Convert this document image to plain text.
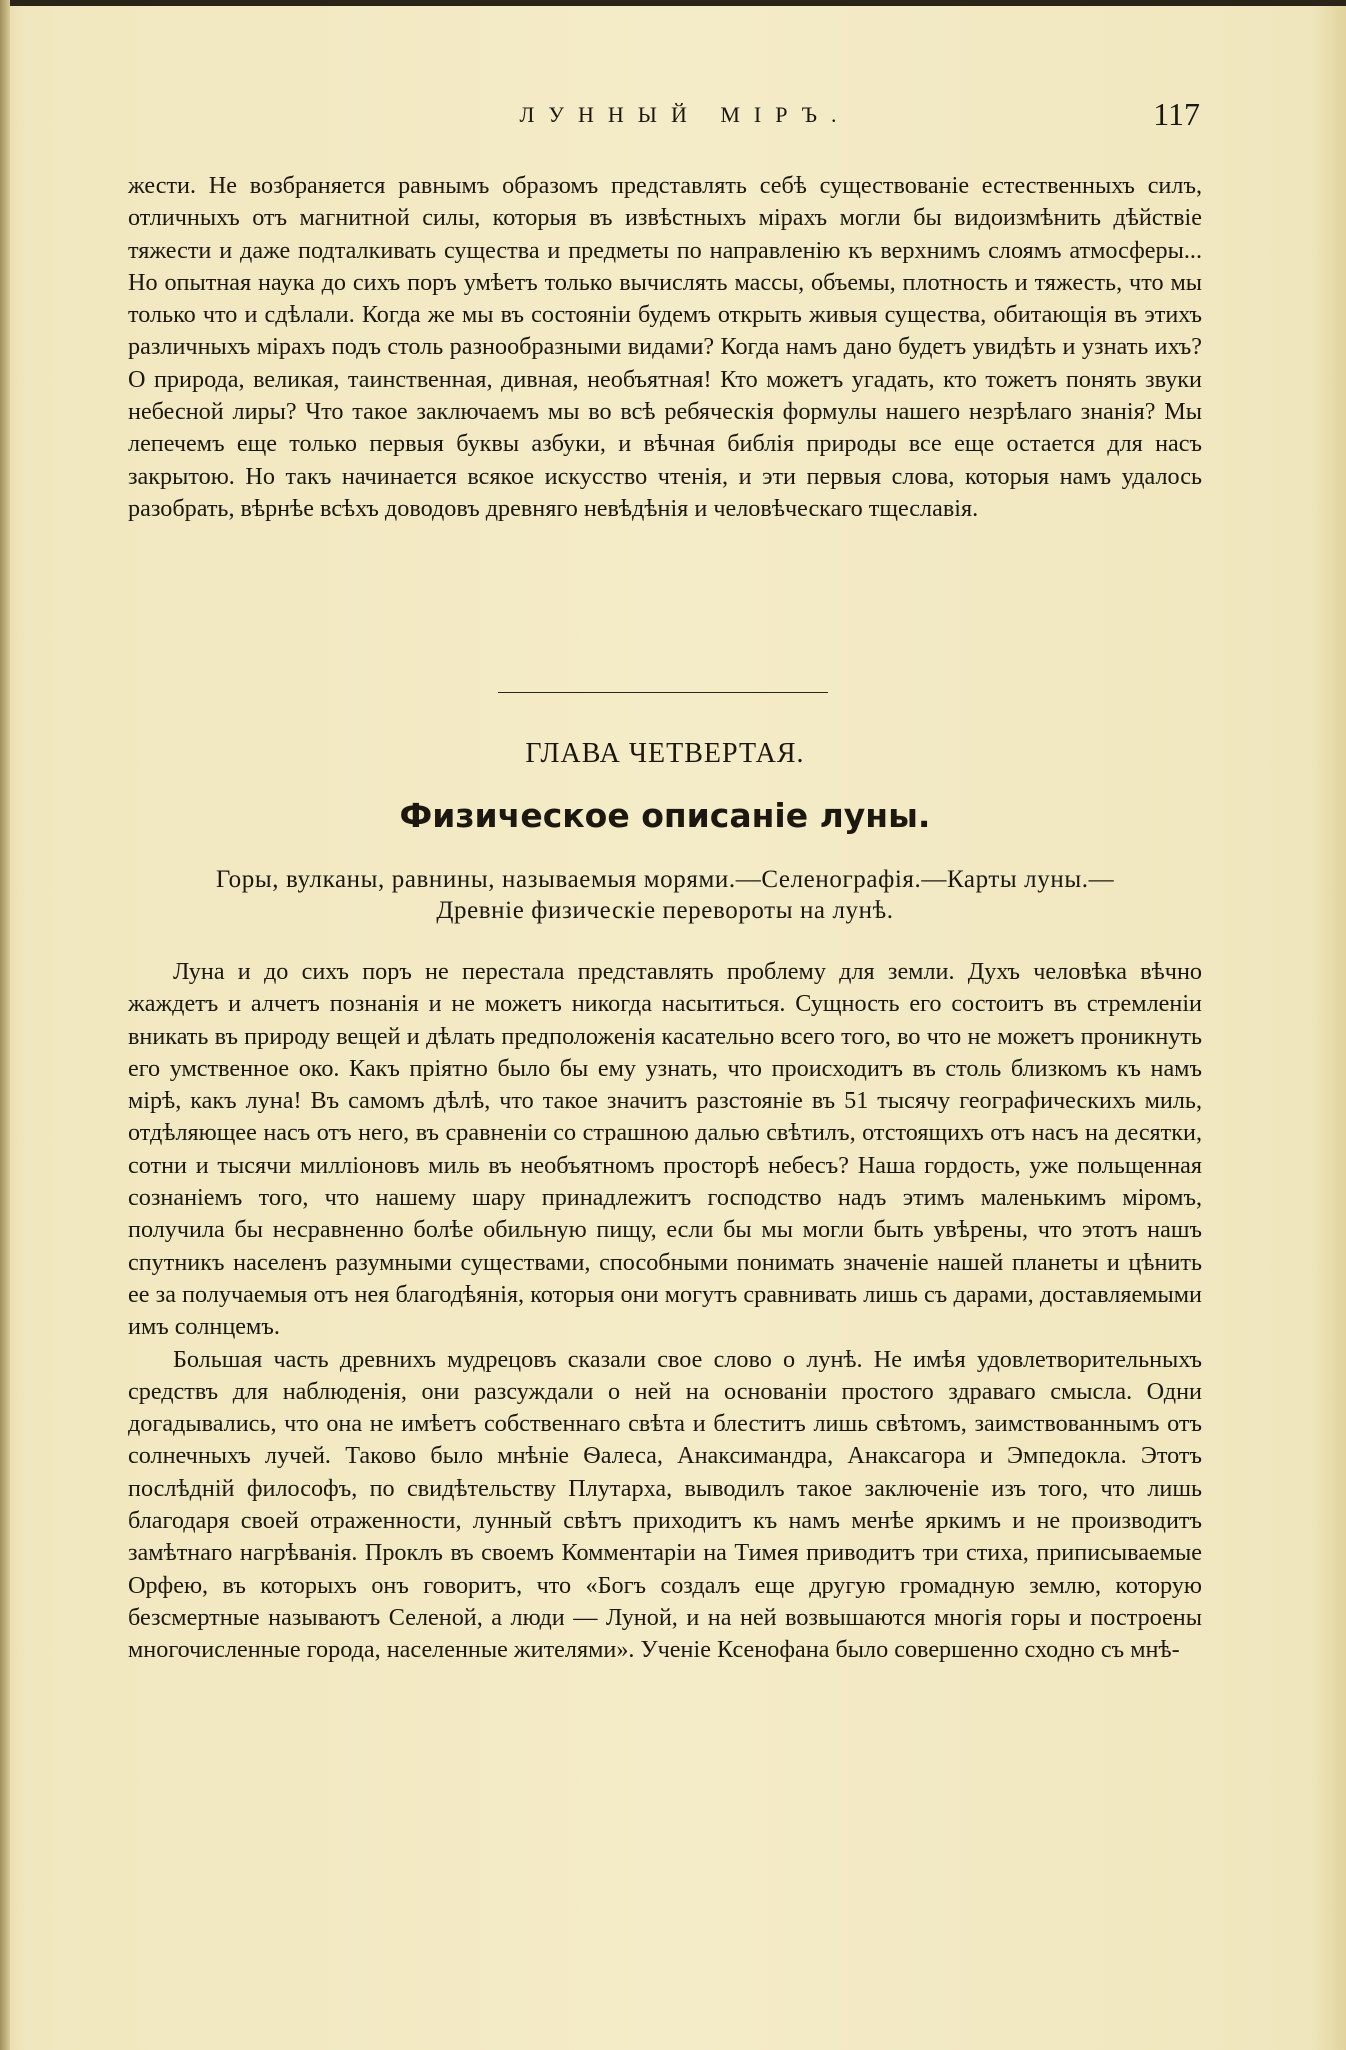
ЛУННЫЙ МІРЪ.	117

жести. Не возбраняется равнымъ образомъ представлять себѣ существованіе естественныхъ силъ, отличныхъ отъ магнитной силы, которыя въ извѣстныхъ мірахъ могли бы видоизмѣнить дѣйствіе тяжести и даже подталкивать существа и предметы по направленію къ верхнимъ слоямъ атмосферы... Но опытная наука до сихъ поръ умѣетъ только вычислять массы, объемы, плотность и тяжесть, что мы только что и сдѣлали. Когда же мы въ состояніи будемъ открыть живыя существа, обитающія въ этихъ различныхъ мірахъ подъ столь разнообразными видами? Когда намъ дано будетъ увидѣть и узнать ихъ? О природа, великая, таинственная, дивная, необъятная! Кто можетъ угадать, кто тожетъ понять звуки небесной лиры? Что такое заключаемъ мы во всѣ ребяческія формулы нашего незрѣлаго знанія? Мы лепечемъ еще только первыя буквы азбуки, и вѣчная библія природы все еще остается для насъ закрытою. Но такъ начинается всякое искусство чтенія, и эти первыя слова, которыя намъ удалось разобрать, вѣрнѣе всѣхъ доводовъ древняго невѣдѣнія и человѣческаго тщеславія.

ГЛАВА ЧЕТВЕРТАЯ.
Физическое описаніе луны.
Горы, вулканы, равнины, называемыя морями.—Селенографія.—Карты луны.—
Древніе физическіе перевороты на лунѣ.

Луна и до сихъ поръ не перестала представлять проблему для земли. Духъ человѣка вѣчно жаждетъ и алчетъ познанія и не можетъ никогда насытиться. Сущность его состоитъ въ стремленіи вникать въ природу вещей и дѣлать предположенія касательно всего того, во что не можетъ проникнуть его умственное око. Какъ пріятно было бы ему узнать, что происходитъ въ столь близкомъ къ намъ мірѣ, какъ луна! Въ самомъ дѣлѣ, что такое значитъ разстояніе въ 51 тысячу географическихъ миль, отдѣляющее насъ отъ него, въ сравненіи со страшною далью свѣтилъ, отстоящихъ отъ насъ на десятки, сотни и тысячи милліоновъ миль въ необъятномъ просторѣ небесъ? Наша гордость, уже польщенная сознаніемъ того, что нашему шару принадлежитъ господство надъ этимъ маленькимъ міромъ, получила бы несравненно болѣе обильную пищу, если бы мы могли быть увѣрены, что этотъ нашъ спутникъ населенъ разумными существами, способными понимать значеніе нашей планеты и цѣнить ее за получаемыя отъ нея благодѣянія, которыя они могутъ сравнивать лишь съ дарами, доставляемыми имъ солнцемъ.

Большая часть древнихъ мудрецовъ сказали свое слово о лунѣ. Не имѣя удовлетворительныхъ средствъ для наблюденія, они разсуждали о ней на основаніи простого здраваго смысла. Одни догадывались, что она не имѣетъ собственнаго свѣта и блеститъ лишь свѣтомъ, заимствованнымъ отъ солнечныхъ лучей. Таково было мнѣніе Ѳалеса, Анаксимандра, Анаксагора и Эмпедокла. Этотъ послѣдній философъ, по свидѣтельству Плутарха, выводилъ такое заключеніе изъ того, что лишь благодаря своей отраженности, лунный свѣтъ приходитъ къ намъ менѣе яркимъ и не производитъ замѣтнаго нагрѣванія. Проклъ въ своемъ Комментаріи на Тимея приводитъ три стиха, приписываемые Орфею, въ которыхъ онъ говоритъ, что «Богъ создалъ еще другую громадную землю, которую безсмертные называютъ Селеной, а люди — Луной, и на ней возвышаются многія горы и построены многочисленные города, населенные жителями». Ученіе Ксенофана было совершенно сходно съ мнѣ-
